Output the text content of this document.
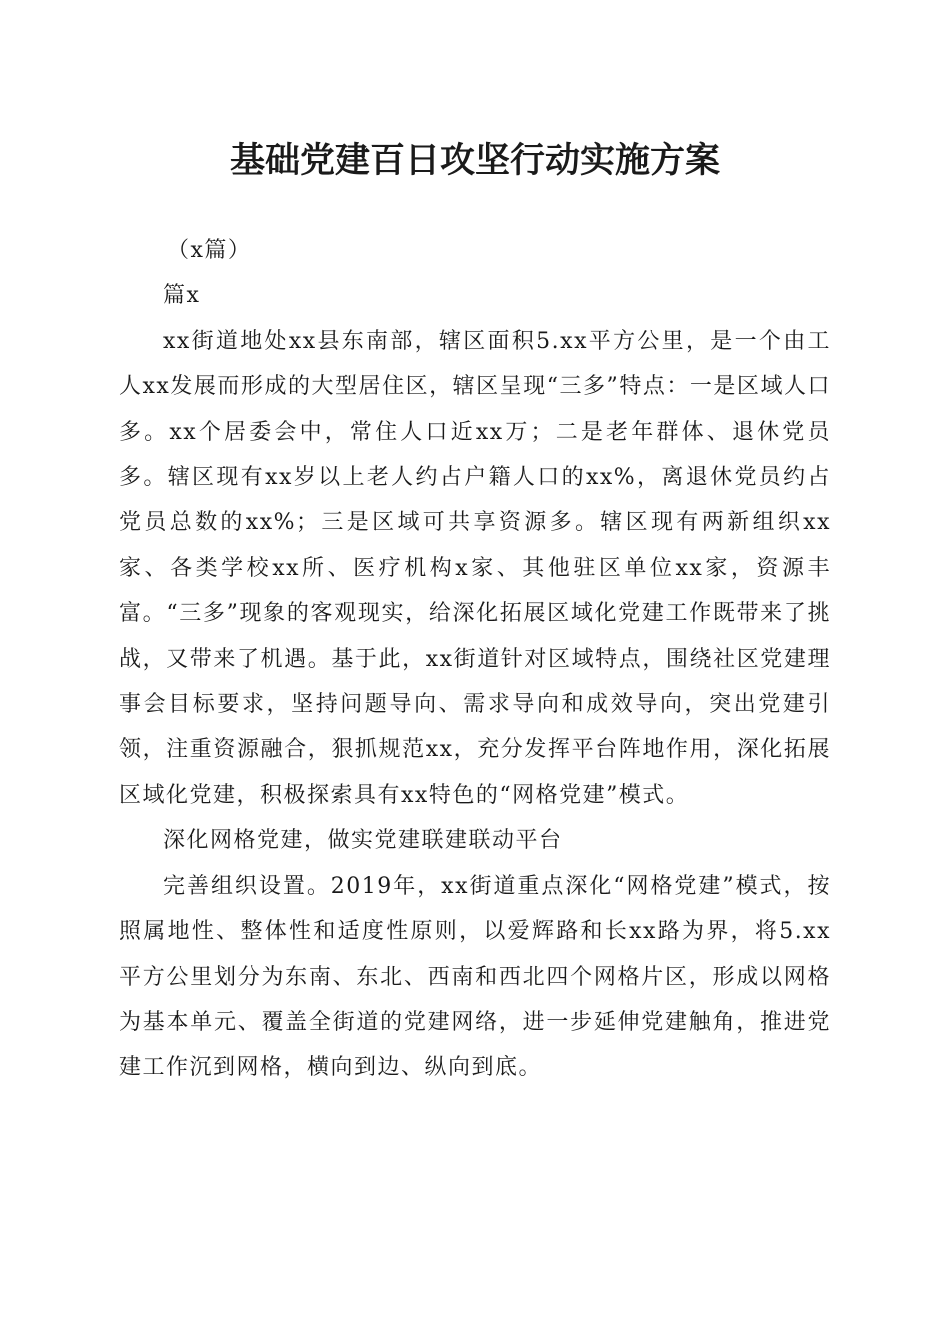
基础党建百日攻坚行动实施方案

（x篇）

篇x

xx街道地处xx县东南部，辖区面积5.xx平方公里，是一个由工人xx发展而形成的大型居住区，辖区呈现“三多”特点：一是区域人口多。xx个居委会中，常住人口近xx万；二是老年群体、退休党员多。辖区现有xx岁以上老人约占户籍人口的xx%，离退休党员约占党员总数的xx%；三是区域可共享资源多。辖区现有两新组织xx家、各类学校xx所、医疗机构x家、其他驻区单位xx家，资源丰富。“三多”现象的客观现实，给深化拓展区域化党建工作既带来了挑战，又带来了机遇。基于此，xx街道针对区域特点，围绕社区党建理事会目标要求，坚持问题导向、需求导向和成效导向，突出党建引领，注重资源融合，狠抓规范xx，充分发挥平台阵地作用，深化拓展区域化党建，积极探索具有xx特色的“网格党建”模式。

深化网格党建，做实党建联建联动平台

完善组织设置。2019年，xx街道重点深化“网格党建”模式，按照属地性、整体性和适度性原则，以爱辉路和长xx路为界，将5.xx平方公里划分为东南、东北、西南和西北四个网格片区，形成以网格为基本单元、覆盖全街道的党建网络，进一步延伸党建触角，推进党建工作沉到网格，横向到边、纵向到底。
